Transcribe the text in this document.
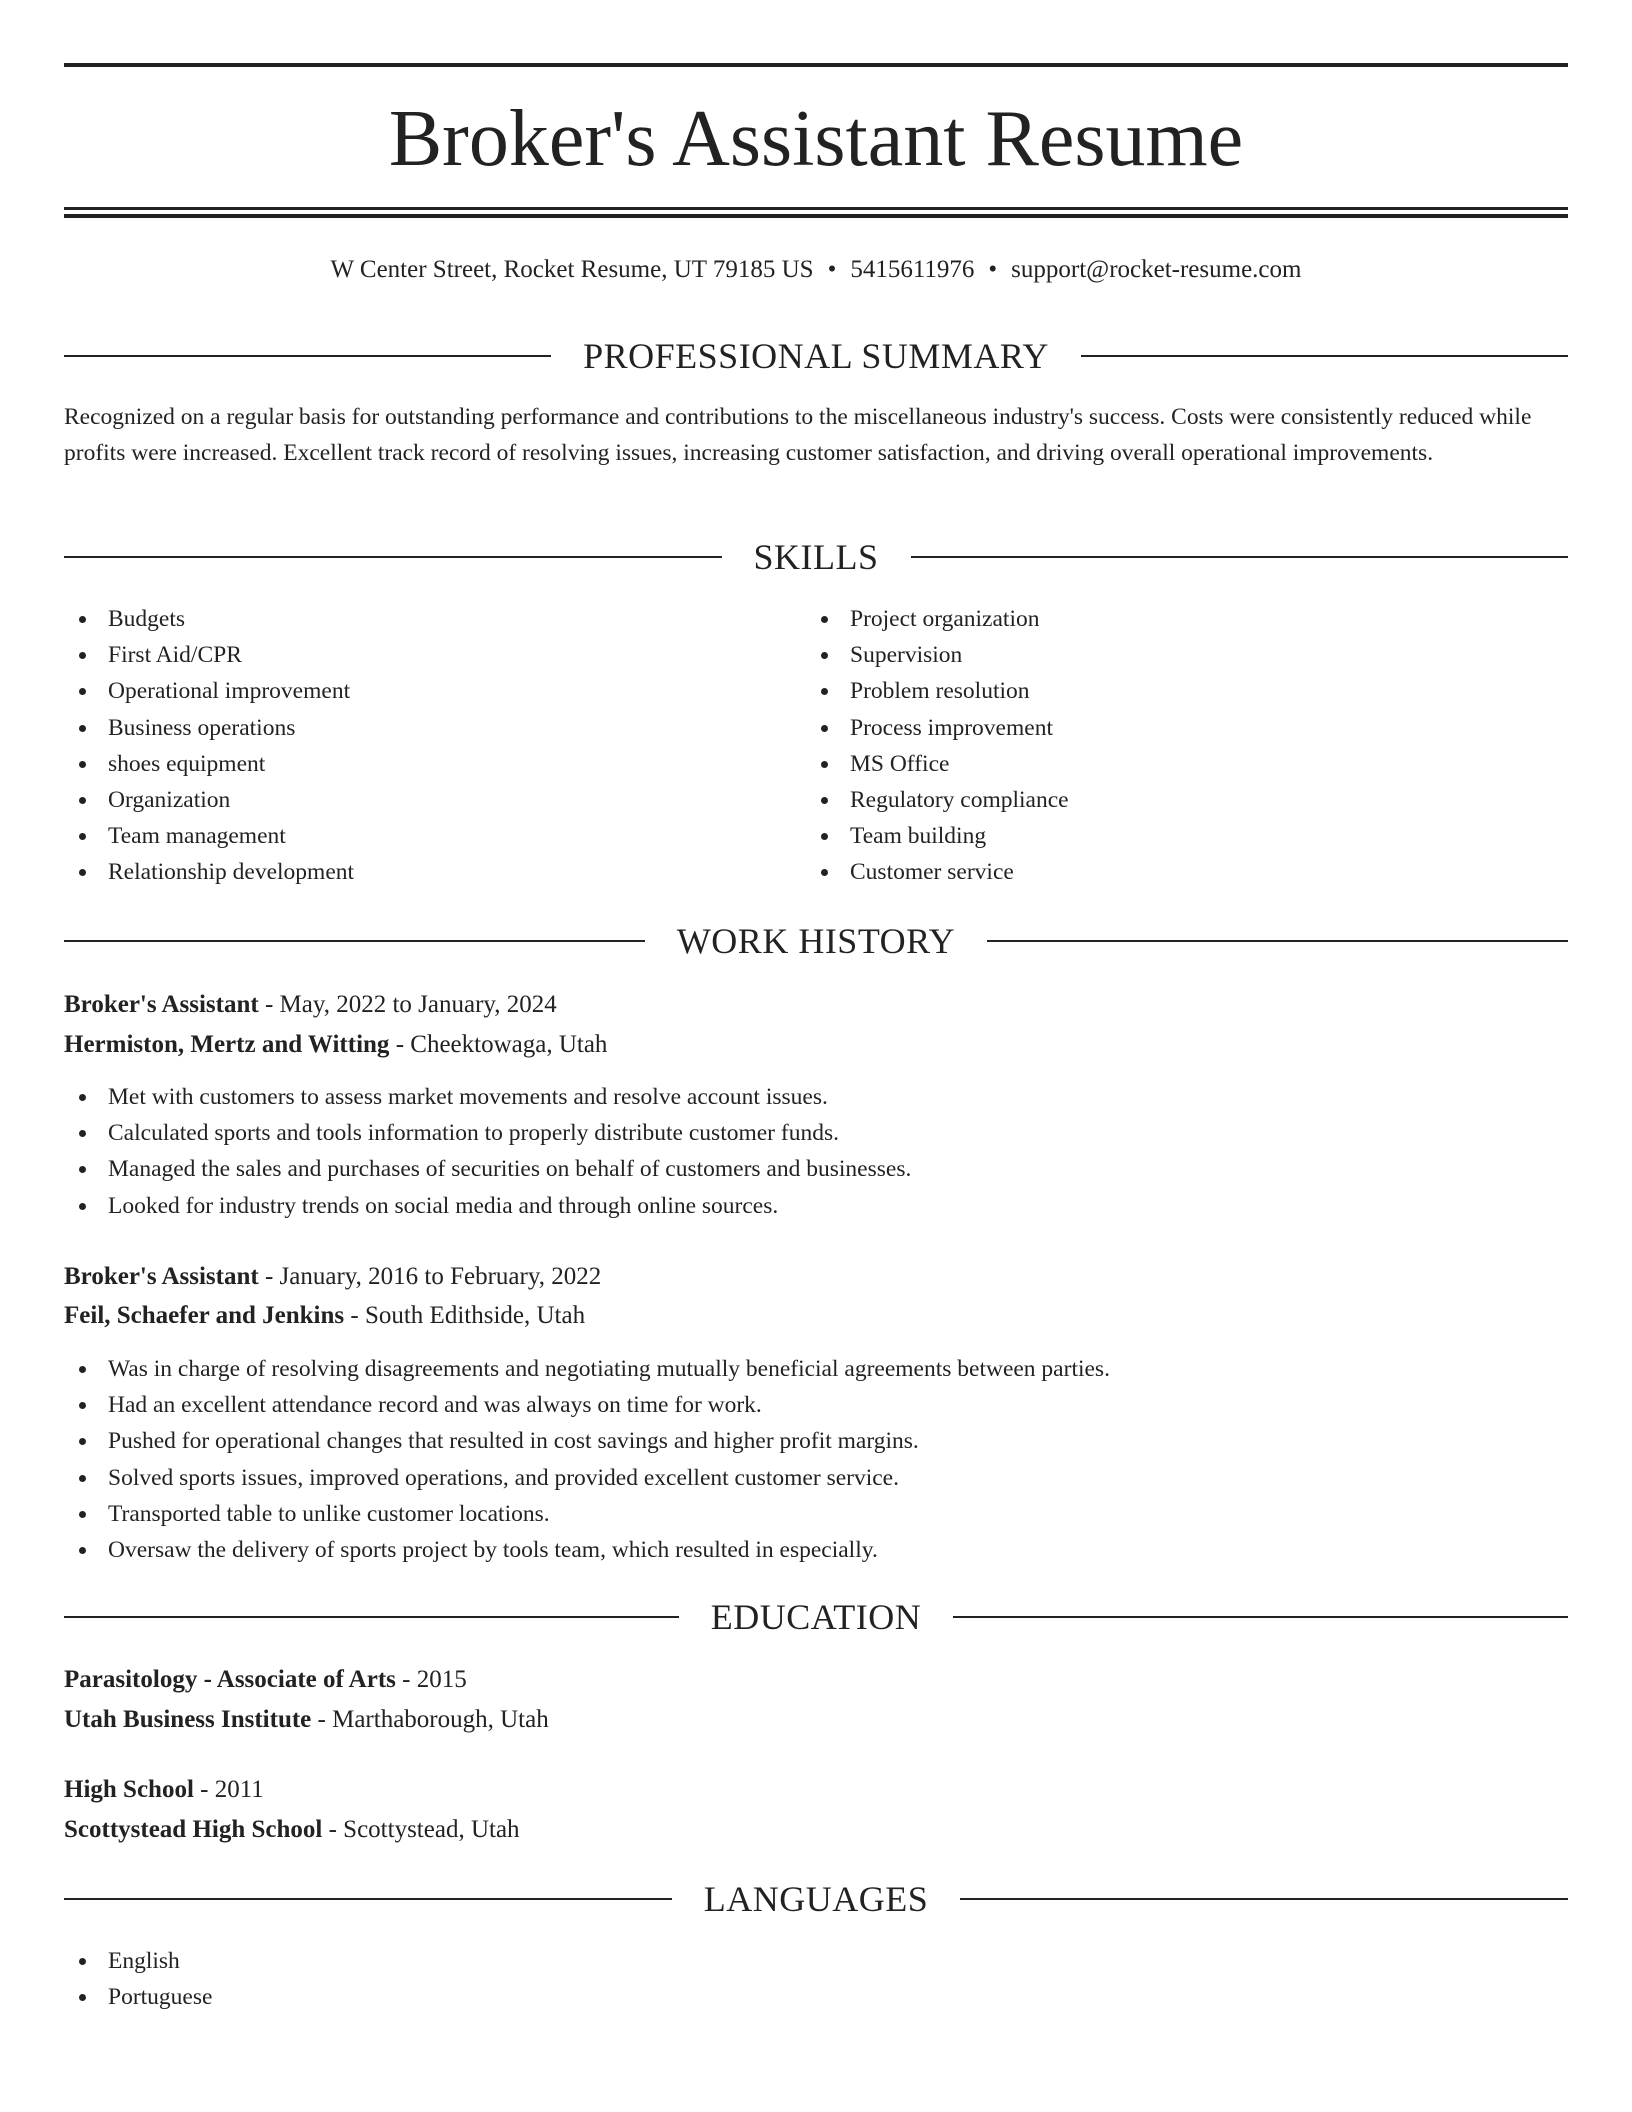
Broker's Assistant Resume
W Center Street, Rocket Resume, UT 79185 US • 5415611976 • support@rocket-resume.com
PROFESSIONAL SUMMARY

Recognized on a regular basis for outstanding performance and contributions to the miscellaneous industry's success. Costs were consistently reduced while profits were increased. Excellent track record of resolving issues, increasing customer satisfaction, and driving overall operational improvements.

SKILLS
Budgets
First Aid/CPR
Operational improvement
Business operations
shoes equipment
Organization
Team management
Relationship development
Project organization
Supervision
Problem resolution
Process improvement
MS Office
Regulatory compliance
Team building
Customer service
WORK HISTORY
Broker's Assistant - May, 2022 to January, 2024
Hermiston, Mertz and Witting - Cheektowaga, Utah
Met with customers to assess market movements and resolve account issues.
Calculated sports and tools information to properly distribute customer funds.
Managed the sales and purchases of securities on behalf of customers and businesses.
Looked for industry trends on social media and through online sources.
Broker's Assistant - January, 2016 to February, 2022
Feil, Schaefer and Jenkins - South Edithside, Utah
Was in charge of resolving disagreements and negotiating mutually beneficial agreements between parties.
Had an excellent attendance record and was always on time for work.
Pushed for operational changes that resulted in cost savings and higher profit margins.
Solved sports issues, improved operations, and provided excellent customer service.
Transported table to unlike customer locations.
Oversaw the delivery of sports project by tools team, which resulted in especially.
EDUCATION
Parasitology - Associate of Arts - 2015
Utah Business Institute - Marthaborough, Utah
High School - 2011
Scottystead High School - Scottystead, Utah
LANGUAGES
English
Portuguese
